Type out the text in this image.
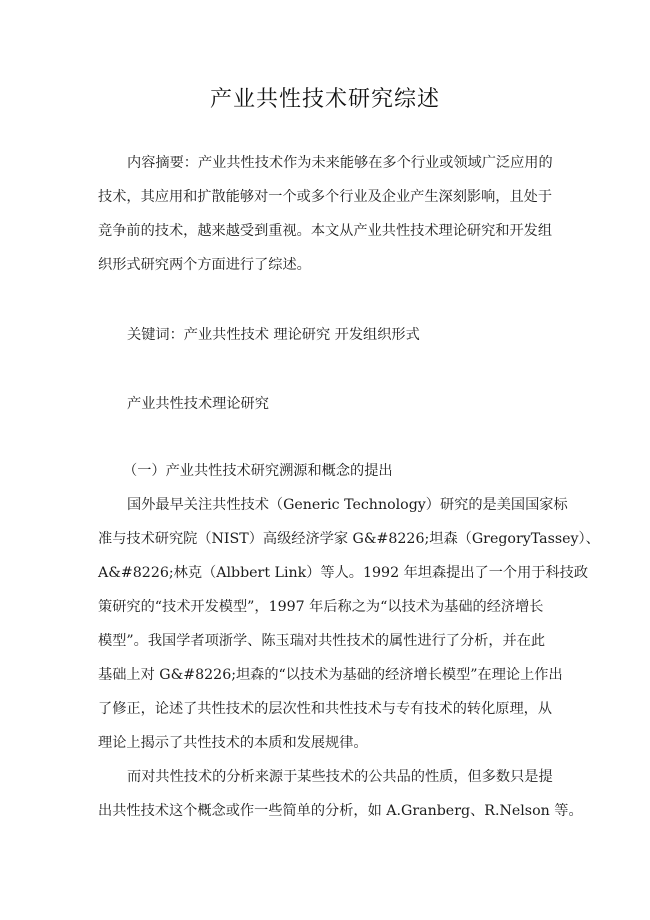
产业共性技术研究综述
内容摘要：产业共性技术作为未来能够在多个行业或领域广泛应用的
技术，其应用和扩散能够对一个或多个行业及企业产生深刻影响，且处于
竞争前的技术，越来越受到重视。本文从产业共性技术理论研究和开发组
织形式研究两个方面进行了综述。
关键词：产业共性技术 理论研究 开发组织形式
产业共性技术理论研究
（一）产业共性技术研究溯源和概念的提出
国外最早关注共性技术（Generic Technology）研究的是美国国家标
准与技术研究院（NIST）高级经济学家 G&#8226;坦森（GregoryTassey）、
A&#8226;林克（Albbert Link）等人。1992 年坦森提出了一个用于科技政
策研究的“技术开发模型”，1997 年后称之为“以技术为基础的经济增长
模型”。我国学者项浙学、陈玉瑞对共性技术的属性进行了分析，并在此
基础上对 G&#8226;坦森的“以技术为基础的经济增长模型”在理论上作出
了修正，论述了共性技术的层次性和共性技术与专有技术的转化原理，从
理论上揭示了共性技术的本质和发展规律。
而对共性技术的分析来源于某些技术的公共品的性质，但多数只是提
出共性技术这个概念或作一些简单的分析，如 A.Granberg、R.Nelson 等。
